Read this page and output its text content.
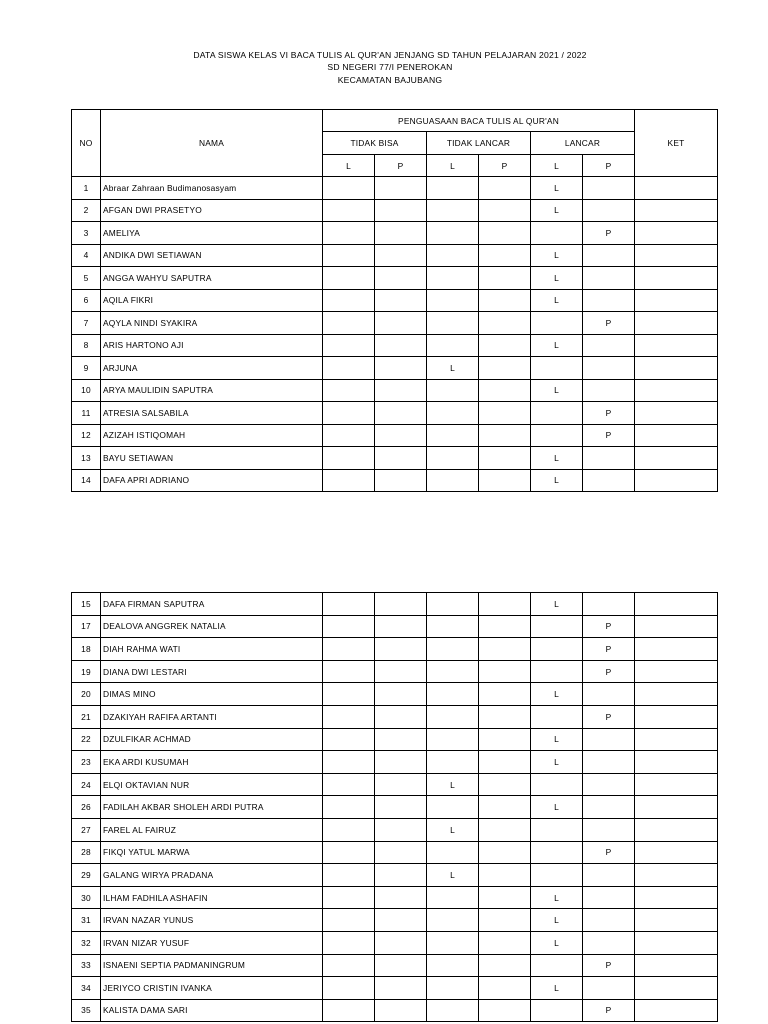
DATA SISWA KELAS VI BACA TULIS AL QUR'AN JENJANG SD TAHUN PELAJARAN 2021 / 2022
SD NEGERI 77/I PENEROKAN
KECAMATAN BAJUBANG
NO	NAMA	PENGUASAAN BACA TULIS AL QUR'AN						KET
		TIDAK BISA		TIDAK LANCAR		LANCAR		
		L	P	L	P	L	P	
1	Abraar Zahraan Budimanosasyam					L		
2	AFGAN DWI PRASETYO					L		
3	AMELIYA						P	
4	ANDIKA DWI SETIAWAN					L		
5	ANGGA WAHYU SAPUTRA					L		
6	AQILA FIKRI					L		
7	AQYLA NINDI SYAKIRA						P	
8	ARIS HARTONO AJI					L		
9	ARJUNA			L				
10	ARYA MAULIDIN SAPUTRA					L		
11	ATRESIA SALSABILA						P	
12	AZIZAH ISTIQOMAH						P	
13	BAYU SETIAWAN					L		
14	DAFA APRI ADRIANO					L		
15	DAFA FIRMAN SAPUTRA					L		
17	DEALOVA ANGGREK NATALIA						P	
18	DIAH RAHMA WATI						P	
19	DIANA DWI LESTARI						P	
20	DIMAS MINO					L		
21	DZAKIYAH RAFIFA ARTANTI						P	
22	DZULFIKAR ACHMAD					L		
23	EKA ARDI KUSUMAH					L		
24	ELQI OKTAVIAN NUR			L				
26	FADILAH AKBAR SHOLEH ARDI PUTRA					L		
27	FAREL AL FAIRUZ			L				
28	FIKQI YATUL MARWA						P	
29	GALANG WIRYA PRADANA			L				
30	ILHAM FADHILA ASHAFIN					L		
31	IRVAN NAZAR YUNUS					L		
32	IRVAN NIZAR YUSUF					L		
33	ISNAENI SEPTIA PADMANINGRUM						P	
34	JERIYCO CRISTIN IVANKA					L		
35	KALISTA DAMA SARI						P	
